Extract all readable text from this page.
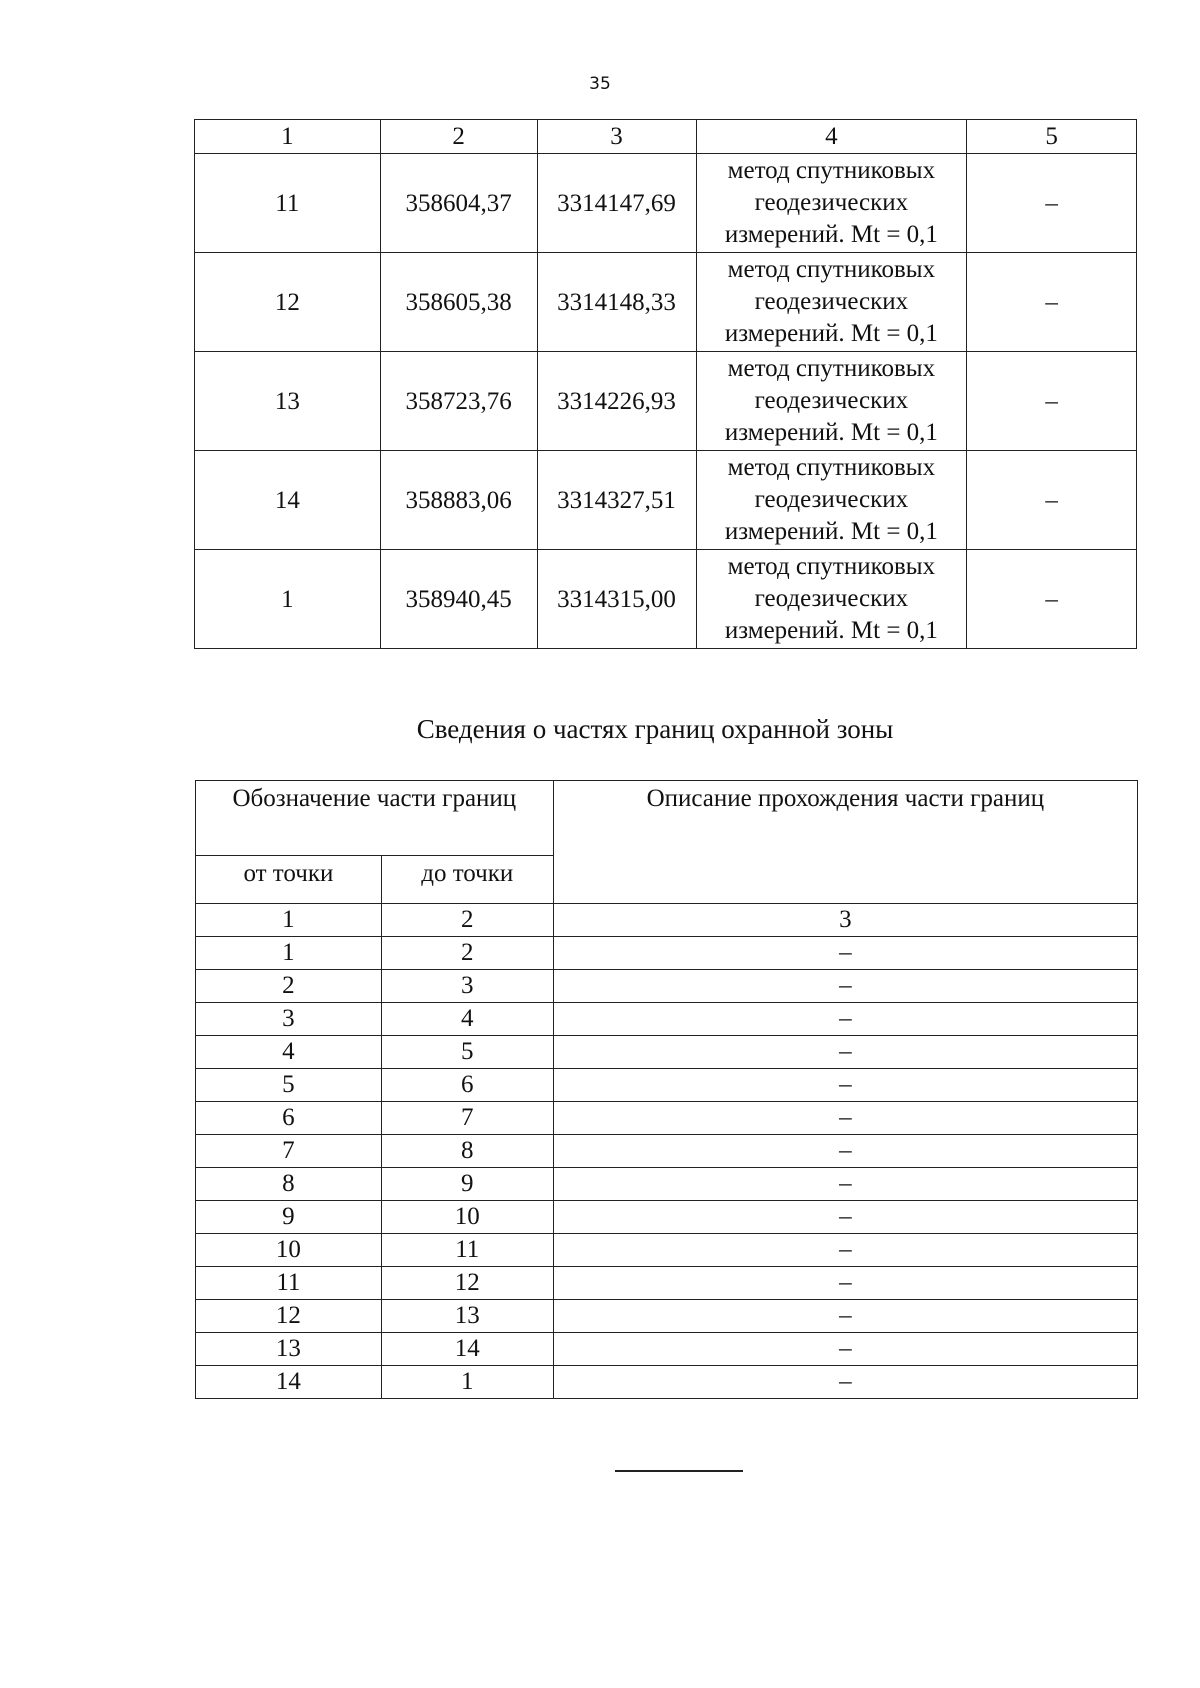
35
1	2	3	4	5
11	358604,37	3314147,69	метод спутниковых
геодезических
измерений. Mt = 0,1	–
12	358605,38	3314148,33	метод спутниковых
геодезических
измерений. Mt = 0,1	–
13	358723,76	3314226,93	метод спутниковых
геодезических
измерений. Mt = 0,1	–
14	358883,06	3314327,51	метод спутниковых
геодезических
измерений. Mt = 0,1	–
1	358940,45	3314315,00	метод спутниковых
геодезических
измерений. Mt = 0,1	–
Сведения о частях границ охранной зоны
Обозначение части границ		Описание прохождения части границ
от точки	до точки	
1	2	3
1	2	–
2	3	–
3	4	–
4	5	–
5	6	–
6	7	–
7	8	–
8	9	–
9	10	–
10	11	–
11	12	–
12	13	–
13	14	–
14	1	–
